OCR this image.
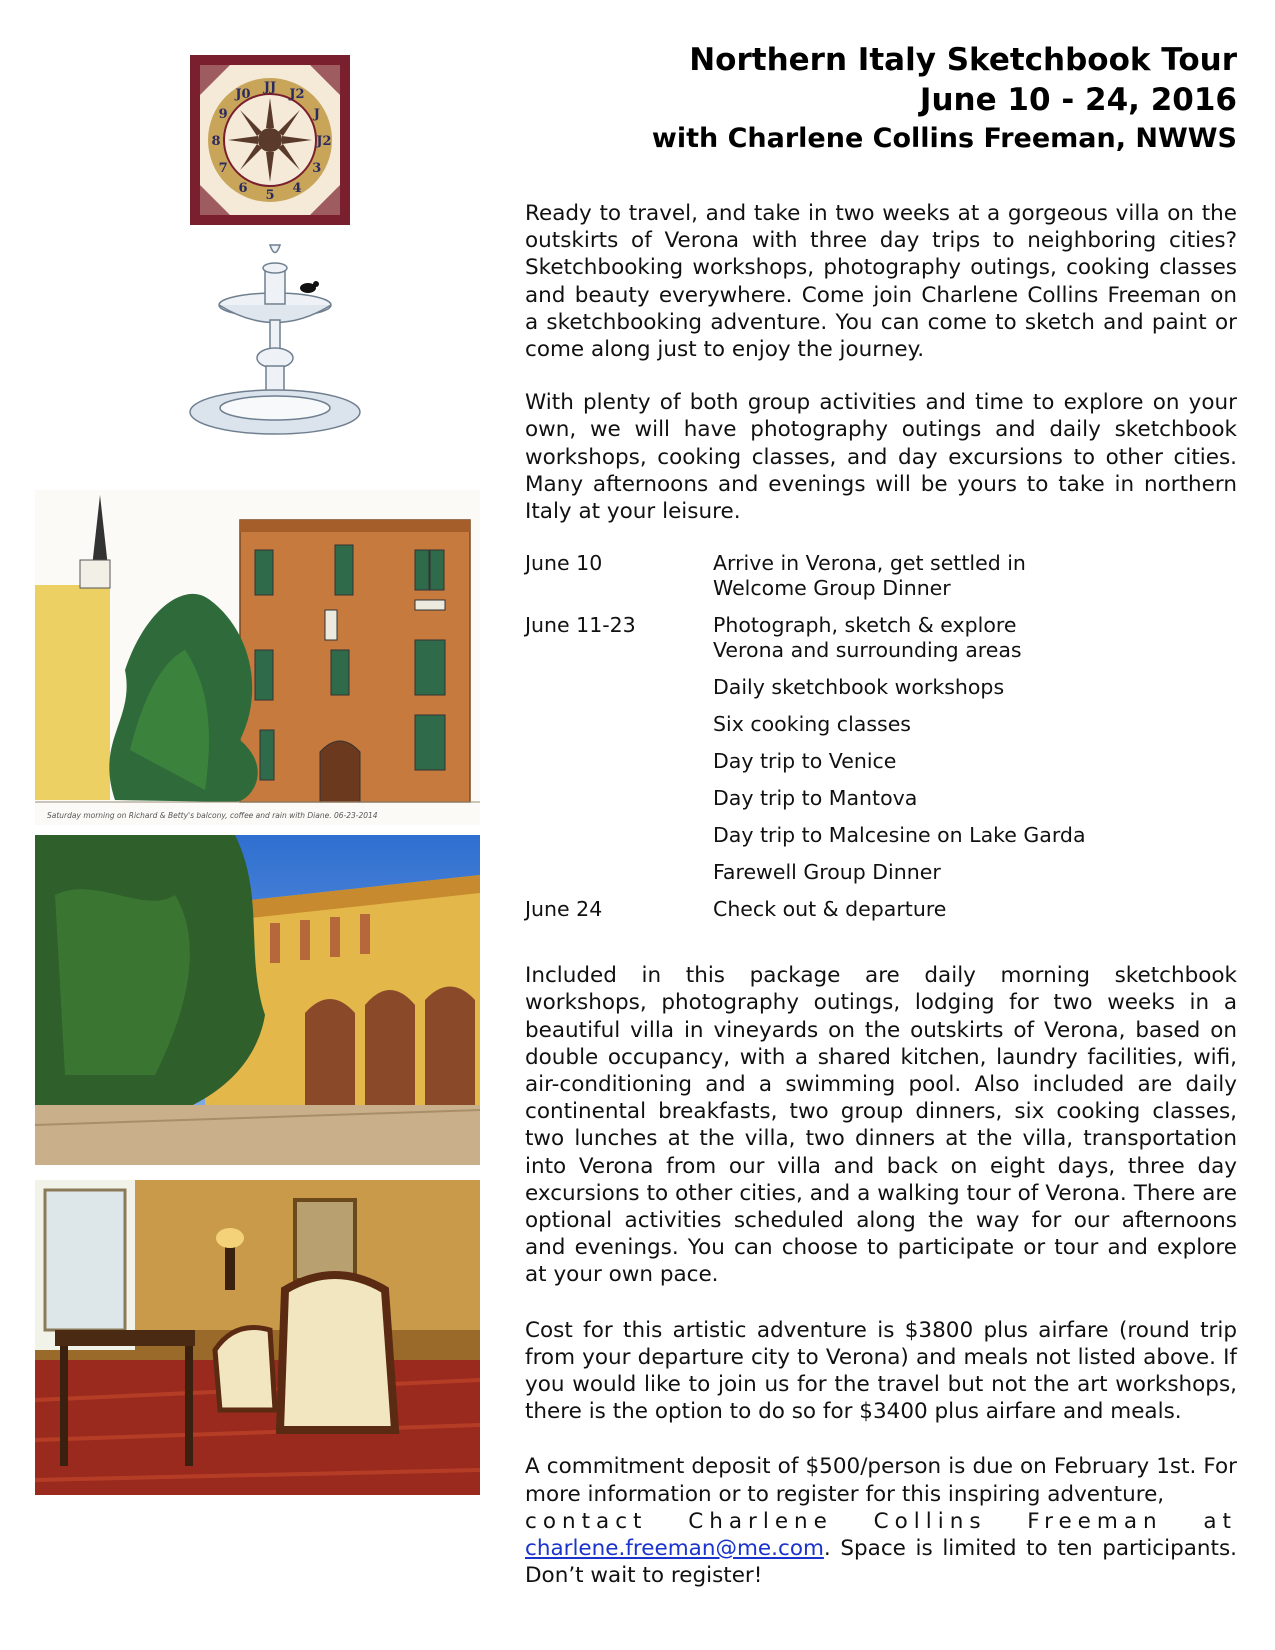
J2
J
J2
3
4
5
6
7
8
9
J0 JJ
Saturday morning on Richard & Betty's balcony, coffee and rain with Diane. 06-23-2014
Northern Italy Sketchbook Tour
June 10 - 24, 2016
with Charlene Collins Freeman, NWWS

Ready to travel, and take in two weeks at a gorgeous villa on the outskirts of Verona with three day trips to neighboring cities? Sketchbooking workshops, photography outings, cooking classes and beauty everywhere. Come join Charlene Collins Freeman on a sketchbooking adventure. You can come to sketch and paint or come along just to enjoy the journey.

With plenty of both group activities and time to explore on your own, we will have photography outings and daily sketchbook workshops, cooking classes, and day excursions to other cities. Many afternoons and evenings will be yours to take in northern Italy at your leisure.

June 10	Arrive in Verona, get settled in
Welcome Group Dinner
June 11-23	Photograph, sketch & explore
Verona and surrounding areas
Daily sketchbook workshops
Six cooking classes
Day trip to Venice
Day trip to Mantova
Day trip to Malcesine on Lake Garda
Farewell Group Dinner
June 24	Check out & departure

Included in this package are daily morning sketchbook workshops, photography outings, lodging for two weeks in a beautiful villa in vineyards on the outskirts of Verona, based on double occupancy, with a shared kitchen, laundry facilities, wifi, air-conditioning and a swimming pool. Also included are daily continental breakfasts, two group dinners, six cooking classes, two lunches at the villa, two dinners at the villa, transportation into Verona from our villa and back on eight days, three day excursions to other cities, and a walking tour of Verona. There are optional activities scheduled along the way for our afternoons and evenings. You can choose to participate or tour and explore at your own pace.

Cost for this artistic adventure is $3800 plus airfare (round trip from your departure city to Verona) and meals not listed above. If you would like to join us for the travel but not the art workshops, there is the option to do so for $3400 plus airfare and meals.

A commitment deposit of $500/person is due on February 1st. For more information or to register for this inspiring adventure,
contact Charlene Collins Freeman at
charlene.freeman@me.com. Space is limited to ten participants. Don’t wait to register!
